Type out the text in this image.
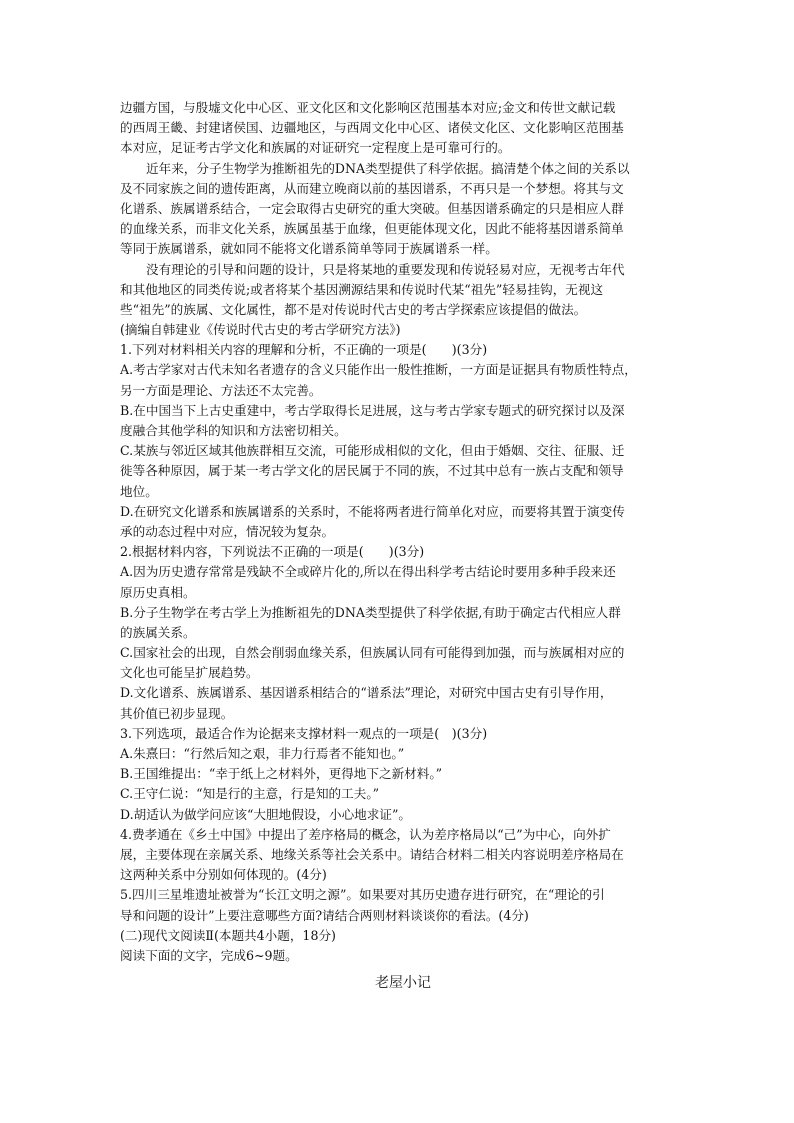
边疆方国，与殷墟文化中心区、亚文化区和文化影响区范围基本对应;金文和传世文献记载
的西周王畿、封建诸侯国、边疆地区，与西周文化中心区、诸侯文化区、文化影响区范围基
本对应，足证考古学文化和族属的对证研究一定程度上是可靠可行的。
近年来，分子生物学为推断祖先的DNA类型提供了科学依据。搞清楚个体之间的关系以
及不同家族之间的遗传距离，从而建立晚商以前的基因谱系，不再只是一个梦想。将其与文
化谱系、族属谱系结合，一定会取得古史研究的重大突破。但基因谱系确定的只是相应人群
的血缘关系，而非文化关系，族属虽基于血缘，但更能体现文化，因此不能将基因谱系简单
等同于族属谱系，就如同不能将文化谱系简单等同于族属谱系一样。
没有理论的引导和问题的设计，只是将某地的重要发现和传说轻易对应，无视考古年代
和其他地区的同类传说;或者将某个基因溯源结果和传说时代某“祖先”轻易挂钩，无视这
些“祖先”的族属、文化属性，都不是对传说时代古史的考古学探索应该提倡的做法。
(摘编自韩建业《传说时代古史的考古学研究方法》)
1.下列对材料相关内容的理解和分析，不正确的一项是(　　)(3分)
A.考古学家对古代未知名者遗存的含义只能作出一般性推断，一方面是证据具有物质性特点，
另一方面是理论、方法还不太完善。
B.在中国当下上古史重建中，考古学取得长足进展，这与考古学家专题式的研究探讨以及深
度融合其他学科的知识和方法密切相关。
C.某族与邻近区域其他族群相互交流，可能形成相似的文化，但由于婚姻、交往、征服、迁
徙等各种原因，属于某一考古学文化的居民属于不同的族，不过其中总有一族占支配和领导
地位。
D.在研究文化谱系和族属谱系的关系时，不能将两者进行简单化对应，而要将其置于演变传
承的动态过程中对应，情况较为复杂。
2.根据材料内容，下列说法不正确的一项是(　　)(3分)
A.因为历史遗存常常是残缺不全或碎片化的,所以在得出科学考古结论时要用多种手段来还
原历史真相。
B.分子生物学在考古学上为推断祖先的DNA类型提供了科学依据,有助于确定古代相应人群
的族属关系。
C.国家社会的出现，自然会削弱血缘关系，但族属认同有可能得到加强，而与族属相对应的
文化也可能呈扩展趋势。
D.文化谱系、族属谱系、基因谱系相结合的“谱系法”理论，对研究中国古史有引导作用，
其价值已初步显现。
3.下列选项，最适合作为论据来支撑材料一观点的一项是(　)(3分)
A.朱熹曰：“行然后知之艰，非力行焉者不能知也。”
B.王国维提出：“幸于纸上之材料外，更得地下之新材料。”
C.王守仁说：“知是行的主意，行是知的工夫。”
D.胡适认为做学问应该“大胆地假设，小心地求证”。
4.费孝通在《乡土中国》中提出了差序格局的概念，认为差序格局以“己”为中心，向外扩
展，主要体现在亲属关系、地缘关系等社会关系中。请结合材料二相关内容说明差序格局在
这两种关系中分别如何体现的。(4分)
5.四川三星堆遗址被誉为“长江文明之源”。如果要对其历史遗存进行研究，在“理论的引
导和问题的设计”上要注意哪些方面?请结合两则材料谈谈你的看法。(4分)
(二)现代文阅读Ⅱ(本题共4小题，18分)
阅读下面的文字，完成6~9题。
老屋小记
